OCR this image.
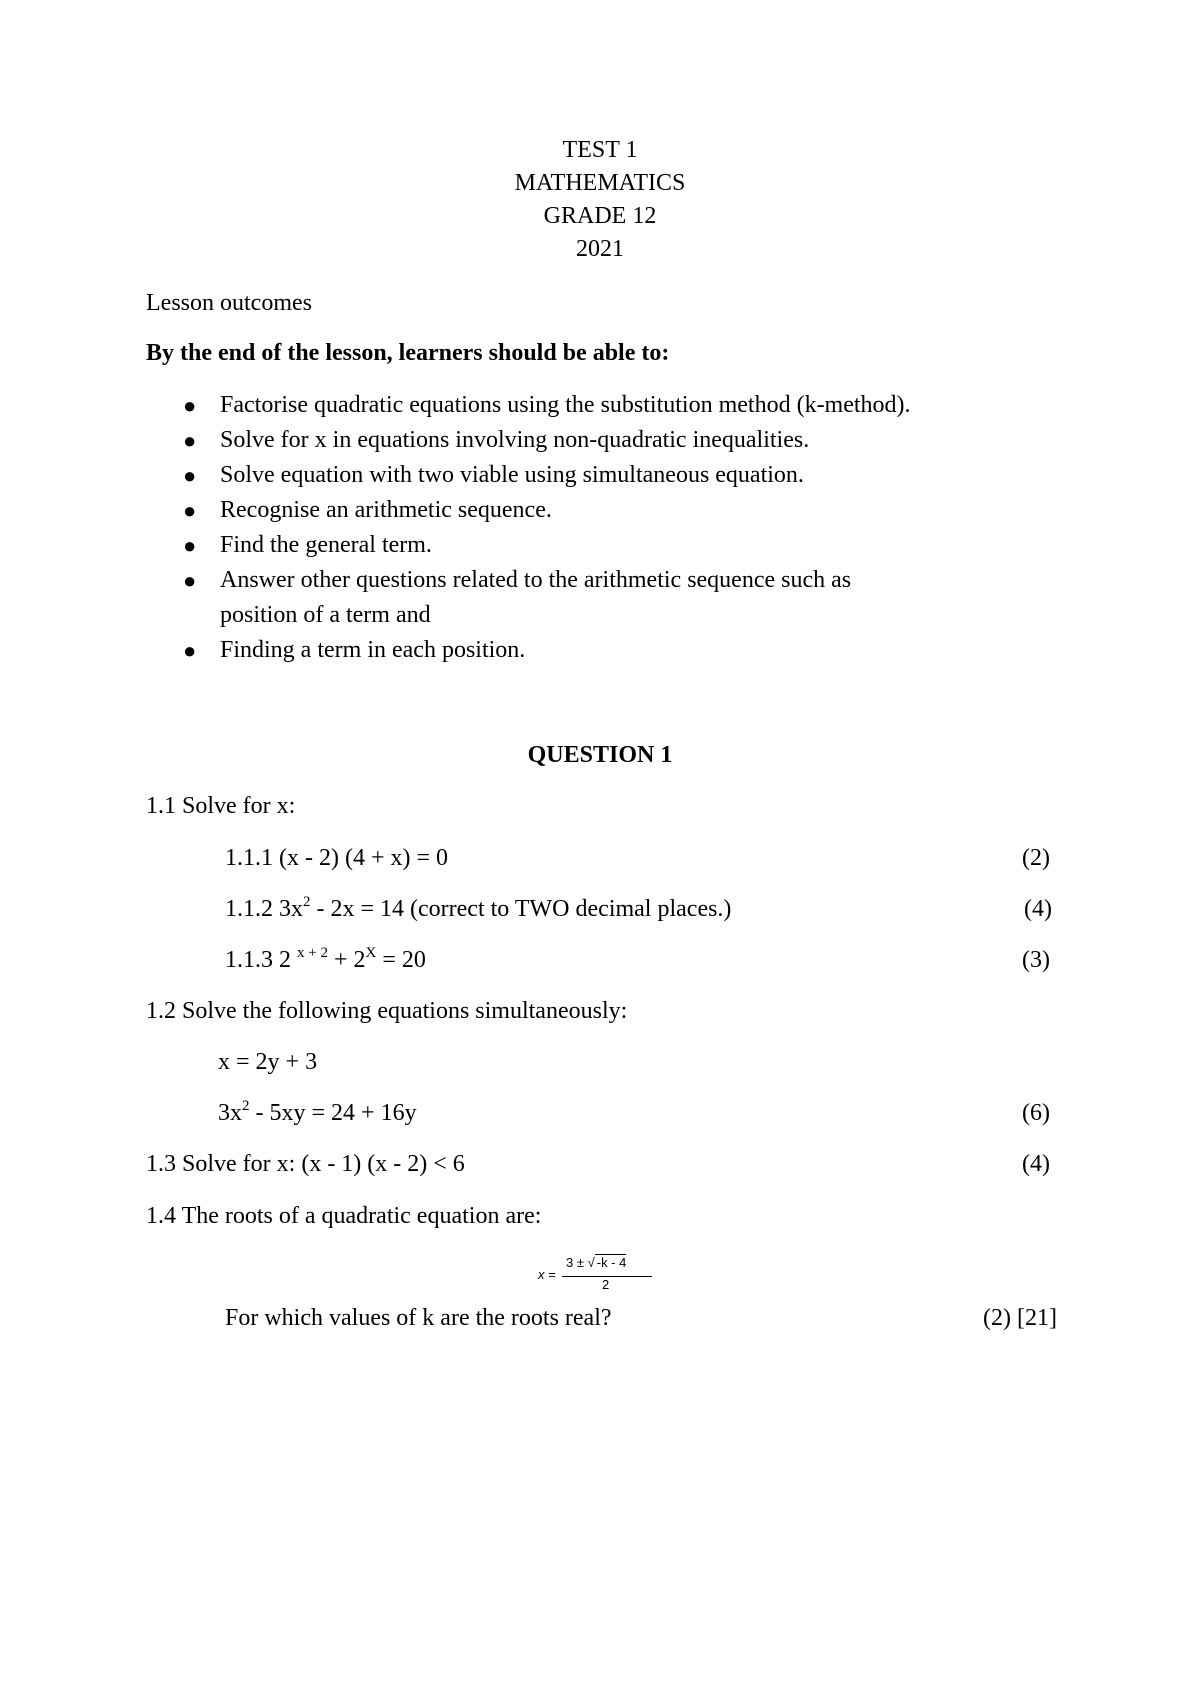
TEST 1
MATHEMATICS
GRADE 12
2021
Lesson outcomes
By the end of the lesson, learners should be able to:
● Factorise quadratic equations using the substitution method (k-method).
● Solve for x in equations involving non-quadratic inequalities.
● Solve equation with two viable using simultaneous equation.
● Recognise an arithmetic sequence.
● Find the general term.
● Answer other questions related to the arithmetic sequence such as
position of a term and
● Finding a term in each position.
QUESTION 1
1.1 Solve for x:
1.1.1 (x - 2) (4 + x) = 0	(2)
1.1.2 $3x^2 - 2x = 14$ (correct to TWO decimal places.)	(4)
1.1.3 2 $^{x + 2} + 2^X = 20$	(3)
1.2 Solve the following equations simultaneously:
x = 2y + 3
$3x^2 - 5xy = 24 + 16y$	(6)
1.3 Solve for x: (x - 1) (x - 2) < 6	(4)
1.4 The roots of a quadratic equation are:
x =
3 ± √ -k - 4
2
For which values of k are the roots real?	(2) [21]
